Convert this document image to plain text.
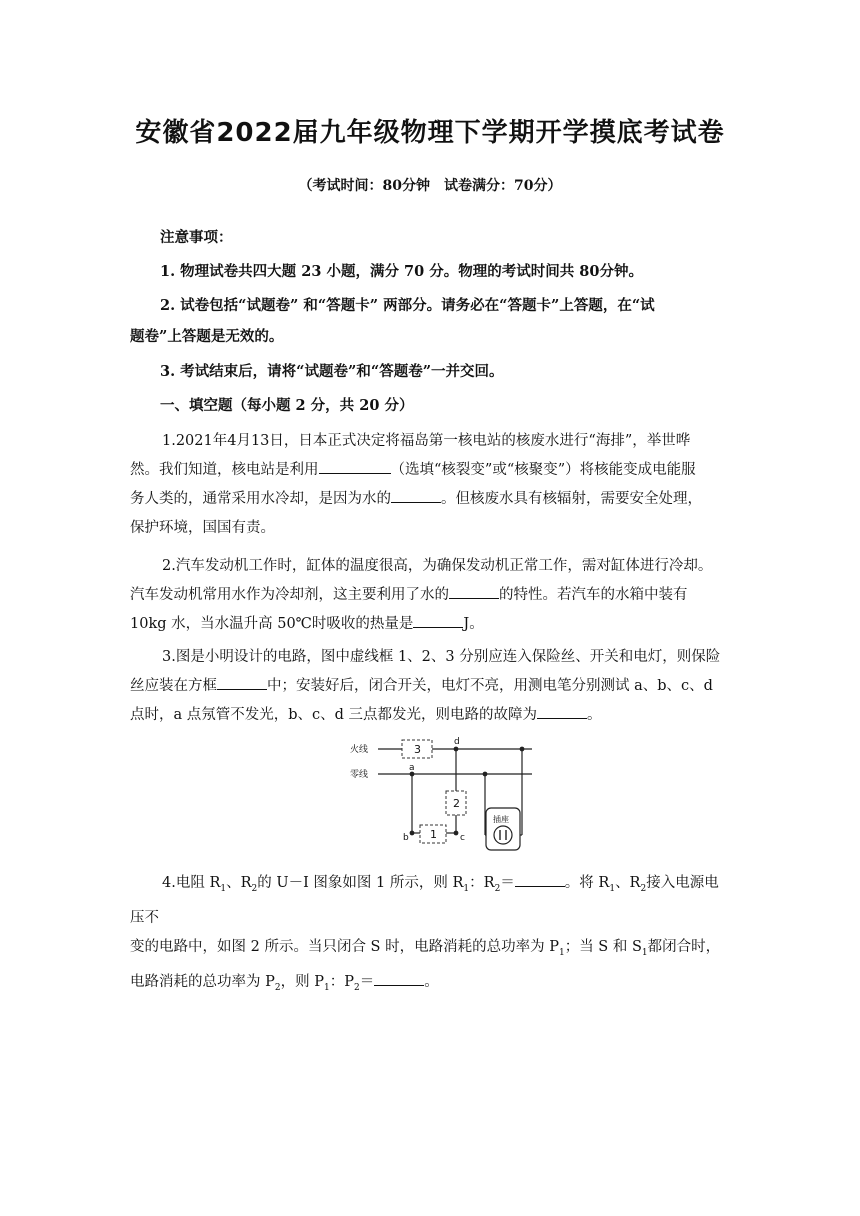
安徽省2022届九年级物理下学期开学摸底考试卷
（考试时间：80分钟　试卷满分：70分）
注意事项：
1. 物理试卷共四大题 23 小题，满分 70 分。物理的考试时间共 80分钟。
2. 试卷包括“试题卷” 和“答题卡” 两部分。请务必在“答题卡”上答题，在“试
题卷”上答题是无效的。
3. 考试结束后，请将“试题卷”和“答题卷”一并交回。
一、填空题（每小题 2 分，共 20 分）
1.2021年4月13日，日本正式决定将福岛第一核电站的核废水进行“海排”，举世哗
然。我们知道，核电站是利用	（选填“核裂变”或“核聚变”）将核能变成电能服
务人类的，通常采用水冷却，是因为水的	。但核废水具有核辐射，需要安全处理，
保护环境，国国有责。
2.汽车发动机工作时，缸体的温度很高，为确保发动机正常工作，需对缸体进行冷却。
汽车发动机常用水作为冷却剂，这主要利用了水的	的特性。若汽车的水箱中装有
10kg 水，当水温升高 50℃时吸收的热量是	J。
3.图是小明设计的电路，图中虚线框 1、2、3 分别应连入保险丝、开关和电灯，则保险
丝应装在方框	中；安装好后，闭合开关，电灯不亮，用测电笔分别测试 a、b、c、d
点时，a 点氖管不发光，b、c、d 三点都发光，则电路的故障为	。
火线
零线
3
2
1
a
b	c
d
插座
4.电阻 $R_1$、$R_2$的 U－I 图象如图 1 所示，则 $R_1$：$R_2=$	。将 $R_1$、$R_2$接入电源电压不
变的电路中，如图 2 所示。当只闭合 S 时，电路消耗的总功率为 $P_1$；当 S 和 $S_1$都闭合时，
电路消耗的总功率为 $P_2$，则 $P_1$：$P_2=$	。
